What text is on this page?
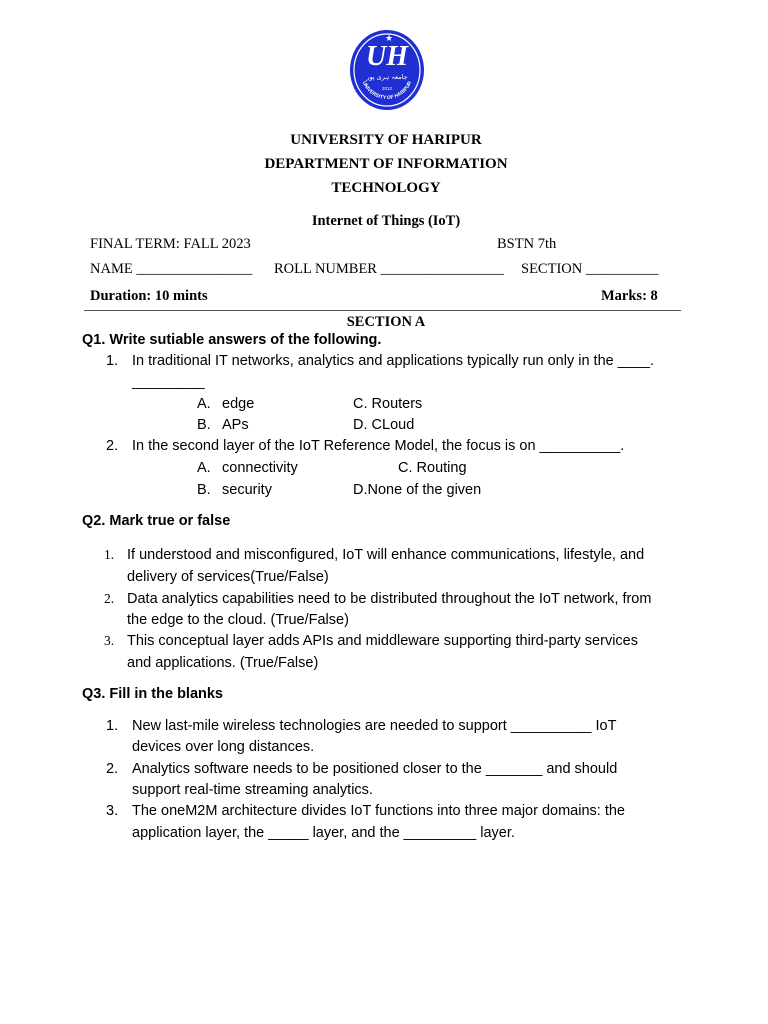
UH
★
جامعہ ہری پور
2012
UNIVERSITY OF HARIPUR
UNIVERSITY OF HARIPUR
DEPARTMENT OF INFORMATION
TECHNOLOGY
Internet of Things (IoT)
FINAL TERM: FALL 2023	BSTN 7th
NAME ________________ ROLL NUMBER _________________ SECTION __________
Duration: 10 mints	Marks: 8
SECTION A
Q1. Write sutiable answers of the following.
1. In traditional IT networks, analytics and applications typically run only in the ____.
_________
A. edge	C. Routers
B. APs	D. CLoud
2. In the second layer of the IoT Reference Model, the focus is on __________.
A. connectivity	C. Routing
B. security	D.None of the given
Q2. Mark true or false
1. If understood and misconfigured, IoT will enhance communications, lifestyle, and
delivery of services(True/False)
2. Data analytics capabilities need to be distributed throughout the IoT network, from
the edge to the cloud. (True/False)
3. This conceptual layer adds APIs and middleware supporting third-party services
and applications. (True/False)
Q3. Fill in the blanks
1. New last-mile wireless technologies are needed to support __________ IoT
devices over long distances.
2. Analytics software needs to be positioned closer to the _______ and should
support real-time streaming analytics.
3. The oneM2M architecture divides IoT functions into three major domains: the
application layer, the _____ layer, and the _________ layer.
